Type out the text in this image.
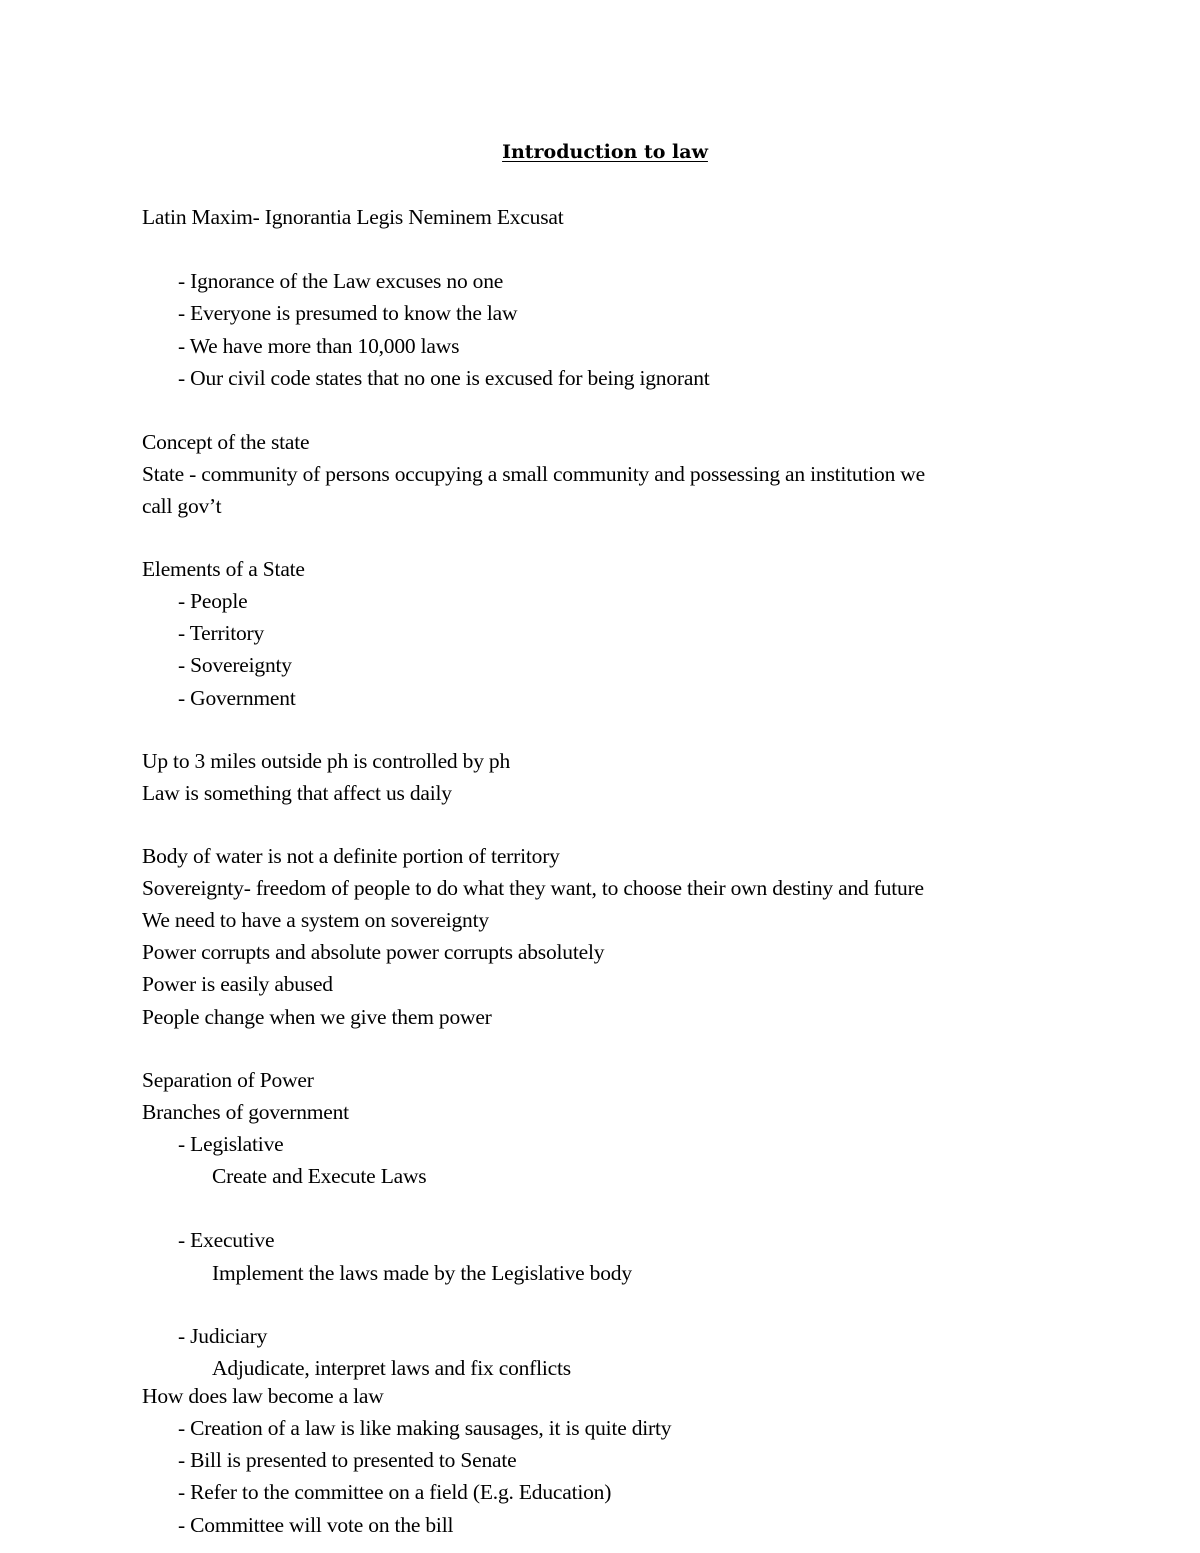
Introduction to law
Latin Maxim- Ignorantia Legis Neminem Excusat
- Ignorance of the Law excuses no one
- Everyone is presumed to know the law
- We have more than 10,000 laws
- Our civil code states that no one is excused for being ignorant
Concept of the state
State - community of persons occupying a small community and possessing an institution we
call gov’t
Elements of a State
- People
- Territory
- Sovereignty
- Government
Up to 3 miles outside ph is controlled by ph
Law is something that affect us daily
Body of water is not a definite portion of territory
Sovereignty- freedom of people to do what they want, to choose their own destiny and future
We need to have a system on sovereignty
Power corrupts and absolute power corrupts absolutely
Power is easily abused
People change when we give them power
Separation of Power
Branches of government
- Legislative
Create and Execute Laws
- Executive
Implement the laws made by the Legislative body
- Judiciary
Adjudicate, interpret laws and fix conflicts
How does law become a law
- Creation of a law is like making sausages, it is quite dirty
- Bill is presented to presented to Senate
- Refer to the committee on a field (E.g. Education)
- Committee will vote on the bill
